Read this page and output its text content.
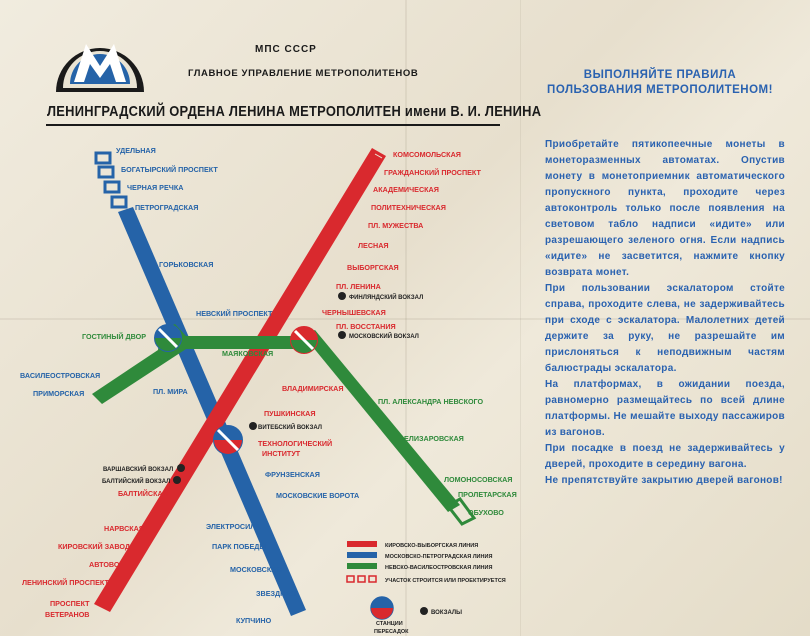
МПС СССР
ГЛАВНОЕ УПРАВЛЕНИЕ МЕТРОПОЛИТЕНОВ
ЛЕНИНГРАДСКИЙ ОРДЕНА ЛЕНИНА МЕТРОПОЛИТЕН имени В. И. ЛЕНИНА
УДЕЛЬНАЯ
БОГАТЫРСКИЙ ПРОСПЕКТ
ЧЕРНАЯ РЕЧКА
ПЕТРОГРАДСКАЯ
ГОРЬКОВСКАЯ
НЕВСКИЙ ПРОСПЕКТ
ГОСТИНЫЙ ДВОР
МАЯКОВСКАЯ
ВАСИЛЕОСТРОВСКАЯ
ПРИМОРСКАЯ	ПЛ. МИРА
ФРУНЗЕНСКАЯ
МОСКОВСКИЕ ВОРОТА
ЭЛЕКТРОСИЛА
ПАРК ПОБЕДЫ
МОСКОВСКАЯ
ЗВЕЗДНАЯ
КУПЧИНО
КОМСОМОЛЬСКАЯ
ГРАЖДАНСКИЙ ПРОСПЕКТ
АКАДЕМИЧЕСКАЯ
ПОЛИТЕХНИЧЕСКАЯ
ПЛ. МУЖЕСТВА
ЛЕСНАЯ
ВЫБОРГСКАЯ
ПЛ. ЛЕНИНА
ФИНЛЯНДСКИЙ ВОКЗАЛ
ЧЕРНЫШЕВСКАЯ
ПЛ. ВОССТАНИЯ
МОСКОВСКИЙ ВОКЗАЛ
ВЛАДИМИРСКАЯ
ПУШКИНСКАЯ
ВИТЕБСКИЙ ВОКЗАЛ
ТЕХНОЛОГИЧЕСКИЙ
ИНСТИТУТ
ВАРШАВСКИЙ ВОКЗАЛ
БАЛТИЙСКИЙ ВОКЗАЛ
БАЛТИЙСКАЯ
НАРВСКАЯ
КИРОВСКИЙ ЗАВОД
АВТОВО
ЛЕНИНСКИЙ ПРОСПЕКТ
ПРОСПЕКТ
ВЕТЕРАНОВ
ПЛ. АЛЕКСАНДРА НЕВСКОГО
ЕЛИЗАРОВСКАЯ
ЛОМОНОСОВСКАЯ
ПРОЛЕТАРСКАЯ
ОБУХОВО
КИРОВСКО-ВЫБОРГСКАЯ ЛИНИЯ
МОСКОВСКО-ПЕТРОГРАДСКАЯ ЛИНИЯ
НЕВСКО-ВАСИЛЕОСТРОВСКАЯ ЛИНИЯ
УЧАСТОК СТРОИТСЯ ИЛИ ПРОЕКТИРУЕТСЯ
СТАНЦИИ
ПЕРЕСАДОК
ВОКЗАЛЫ
ВЫПОЛНЯЙТЕ ПРАВИЛА ПОЛЬЗОВАНИЯ МЕТРОПОЛИТЕНОМ!

Приобретайте пятикопеечные монеты в монетоpазменных автоматах. Опустив монету в монетоприемник автоматического пропускного пункта, проходите через автоконтроль только после появления на световом табло надписи «идите» или разрешающего зеленого огня. Если надпись «идите» не засветится, нажмите кнопку возврата монет.

При пользовании эскалатором стойте справа, проходите слева, не задерживайтесь при сходе с эскалатора. Малолетних детей держите за руку, не разрешайте им прислоняться к неподвижным частям балюстрады эскалатора.

На платформах, в ожидании поезда, равномерно размещайтесь по всей длине платформы. Не мешайте выходу пассажиров из вагонов.

При посадке в поезд не задерживайтесь у дверей, проходите в середину вагона.

Не препятствуйте закрытию дверей вагонов!
